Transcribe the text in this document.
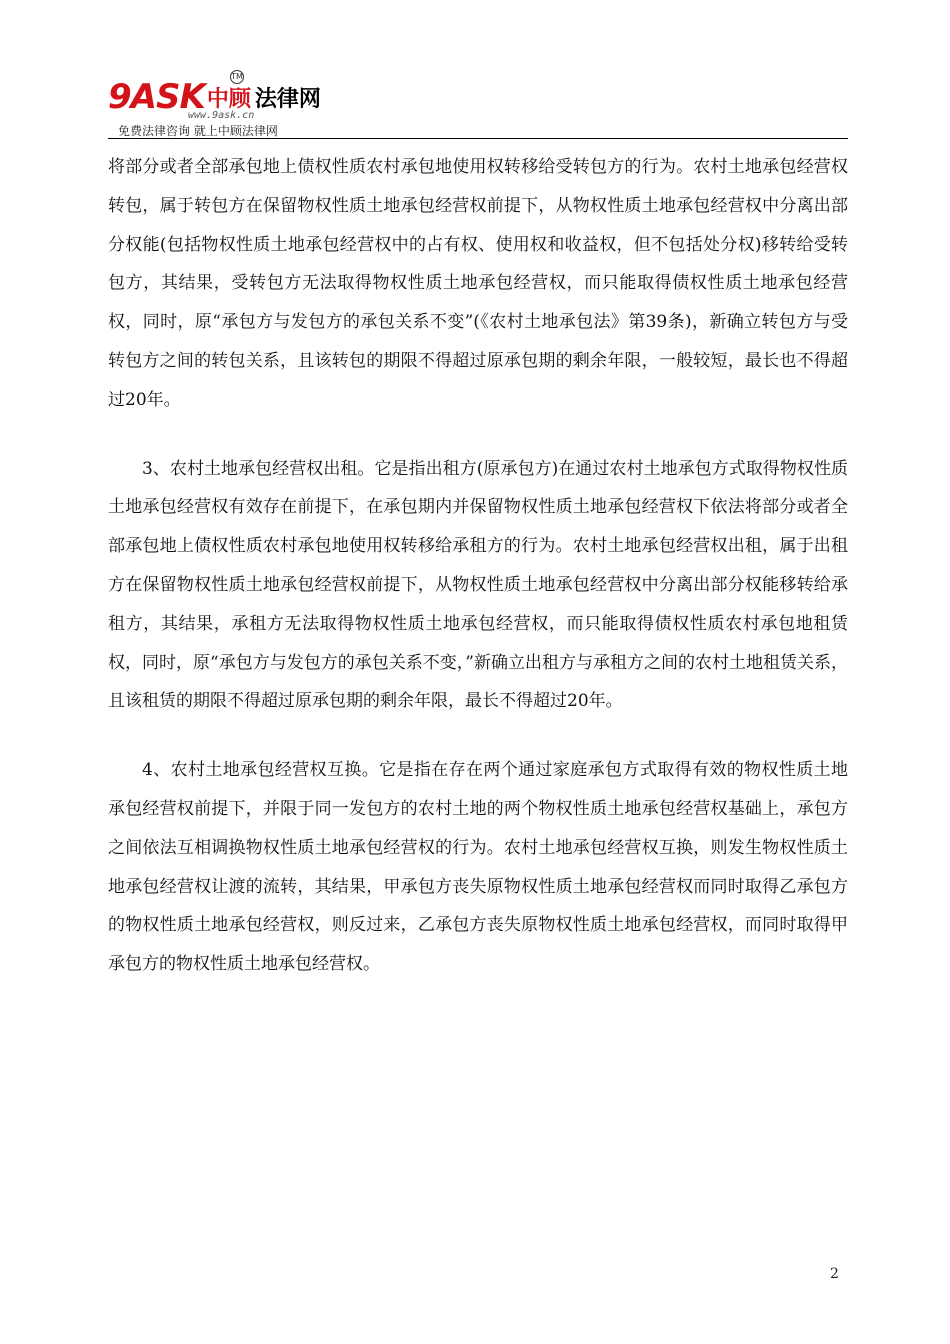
9ASK 中顾 法律网
TM
www.9ask.cn
免费法律咨询 就上中顾法律网

将部分或者全部承包地上债权性质农村承包地使用权转移给受转包方的行为。农村土地承包经营权转包，属于转包方在保留物权性质土地承包经营权前提下，从物权性质土地承包经营权中分离出部分权能(包括物权性质土地承包经营权中的占有权、使用权和收益权，但不包括处分权)移转给受转包方，其结果，受转包方无法取得物权性质土地承包经营权，而只能取得债权性质土地承包经营权，同时，原“承包方与发包方的承包关系不变”(《农村土地承包法》第39条)，新确立转包方与受转包方之间的转包关系，且该转包的期限不得超过原承包期的剩余年限，一般较短，最长也不得超过20年。

3、农村土地承包经营权出租。它是指出租方(原承包方)在通过农村土地承包方式取得物权性质土地承包经营权有效存在前提下，在承包期内并保留物权性质土地承包经营权下依法将部分或者全部承包地上债权性质农村承包地使用权转移给承租方的行为。农村土地承包经营权出租，属于出租方在保留物权性质土地承包经营权前提下，从物权性质土地承包经营权中分离出部分权能移转给承租方，其结果，承租方无法取得物权性质土地承包经营权，而只能取得债权性质农村承包地租赁权，同时，原“承包方与发包方的承包关系不变，”新确立出租方与承租方之间的农村土地租赁关系，且该租赁的期限不得超过原承包期的剩余年限，最长不得超过20年。

4、农村土地承包经营权互换。它是指在存在两个通过家庭承包方式取得有效的物权性质土地承包经营权前提下，并限于同一发包方的农村土地的两个物权性质土地承包经营权基础上，承包方之间依法互相调换物权性质土地承包经营权的行为。农村土地承包经营权互换，则发生物权性质土地承包经营权让渡的流转，其结果，甲承包方丧失原物权性质土地承包经营权而同时取得乙承包方的物权性质土地承包经营权，则反过来，乙承包方丧失原物权性质土地承包经营权，而同时取得甲承包方的物权性质土地承包经营权。

2
